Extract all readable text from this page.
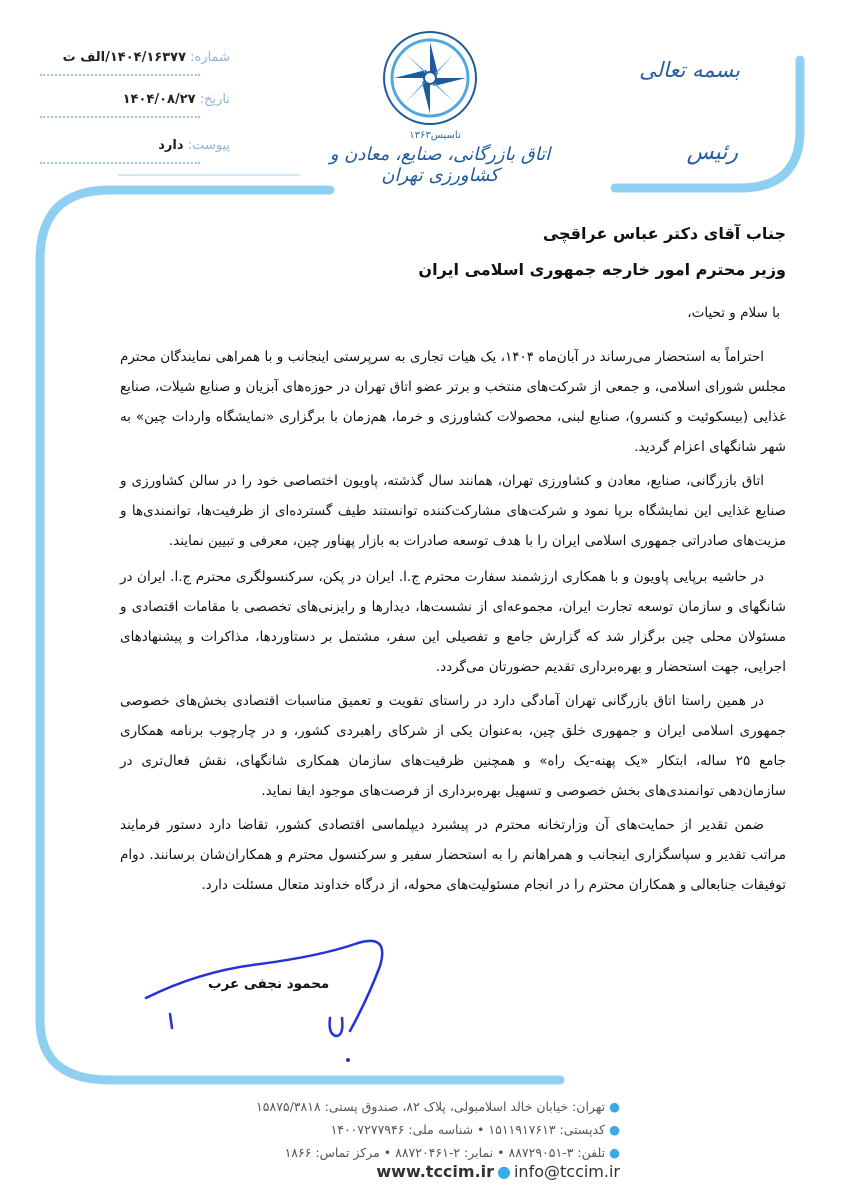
شماره: ۱۴۰۴/۱۶۳۷۷/الف ت
تاریخ: ۱۴۰۴/۰۸/۲۷
پیوست: دارد
تاسیس۱۳۶۳
اتاق بازرگانی، صنایع، معادن و کشاورزی تهران
بسمه تعالی
رئیس
جناب آقای دکتر عباس عراقچی
وزیر محترم امور خارجه جمهوری اسلامی ایران
با سلام و تحیات،

احتراماً به استحضار می‌رساند در آبان‌ماه ۱۴۰۴، یک هیات تجاری به سرپرستی اینجانب و با همراهی نمایندگان محترم مجلس شورای اسلامی، و جمعی از شرکت‌های منتخب و برتر عضو اتاق تهران در حوزه‌های آبزیان و صنایع شیلات، صنایع غذایی (بیسکوئیت و کنسرو)، صنایع لبنی، محصولات کشاورزی و خرما، هم‌زمان با برگزاری «نمایشگاه واردات چین» به شهر شانگهای اعزام گردید.

اتاق بازرگانی، صنایع، معادن و کشاورزی تهران، همانند سال گذشته، پاویون اختصاصی خود را در سالن کشاورزی و صنایع غذایی این نمایشگاه برپا نمود و شرکت‌های مشارکت‌کننده توانستند طیف گسترده‌ای از ظرفیت‌ها، توانمندی‌ها و مزیت‌های صادراتی جمهوری اسلامی ایران را با هدف توسعه صادرات به بازار پهناور چین، معرفی و تبیین نمایند.

در حاشیه برپایی پاویون و با همکاری ارزشمند سفارت محترم ج.ا. ایران در پکن، سرکنسولگری محترم ج.ا. ایران در شانگهای و سازمان توسعه تجارت ایران، مجموعه‌ای از نشست‌ها، دیدارها و رایزنی‌های تخصصی با مقامات اقتصادی و مسئولان محلی چین برگزار شد که گزارش جامع و تفصیلی این سفر، مشتمل بر دستاوردها، مذاکرات و پیشنهادهای اجرایی، جهت استحضار و بهره‌برداری تقدیم حضورتان می‌گردد.

در همین راستا اتاق بازرگانی تهران آمادگی دارد در راستای تقویت و تعمیق مناسبات اقتصادی بخش‌های خصوصی جمهوری اسلامی ایران و جمهوری خلق چین، به‌عنوان یکی از شرکای راهبردی کشور، و در چارچوب برنامه همکاری جامع ۲۵ ساله، ابتکار «یک پهنه-یک راه» و همچنین ظرفیت‌های سازمان همکاری شانگهای، نقش فعال‌تری در سازمان‌دهی توانمندی‌های بخش خصوصی و تسهیل بهره‌برداری از فرصت‌های موجود ایفا نماید.

ضمن تقدیر از حمایت‌های آن وزارتخانه محترم در پیشبرد دیپلماسی اقتصادی کشور، تقاضا دارد دستور فرمایند مراتب تقدیر و سپاسگزاری اینجانب و همراهانم را به استحضار سفیر و سرکنسول محترم و همکاران‌شان برسانند. دوام توفیقات جنابعالی و همکاران محترم را در انجام مسئولیت‌های محوله، از درگاه خداوند متعال مسئلت دارد.

محمود نجفی عرب
●تهران: خیابان خالد اسلامبولی، پلاک ۸۲، صندوق پستی: ۱۵۸۷۵/۳۸۱۸
●کدپستی: ۱۵۱۱۹۱۷۶۱۳ • شناسه ملی: ۱۴۰۰۷۲۷۷۹۴۶
●تلفن: ۳-۸۸۷۲۹۰۵۱ • نمابر: ۲-۸۸۷۲۰۴۶۱ • مرکز تماس: ۱۸۶۶
www.tccim.ir ● info@tccim.ir
